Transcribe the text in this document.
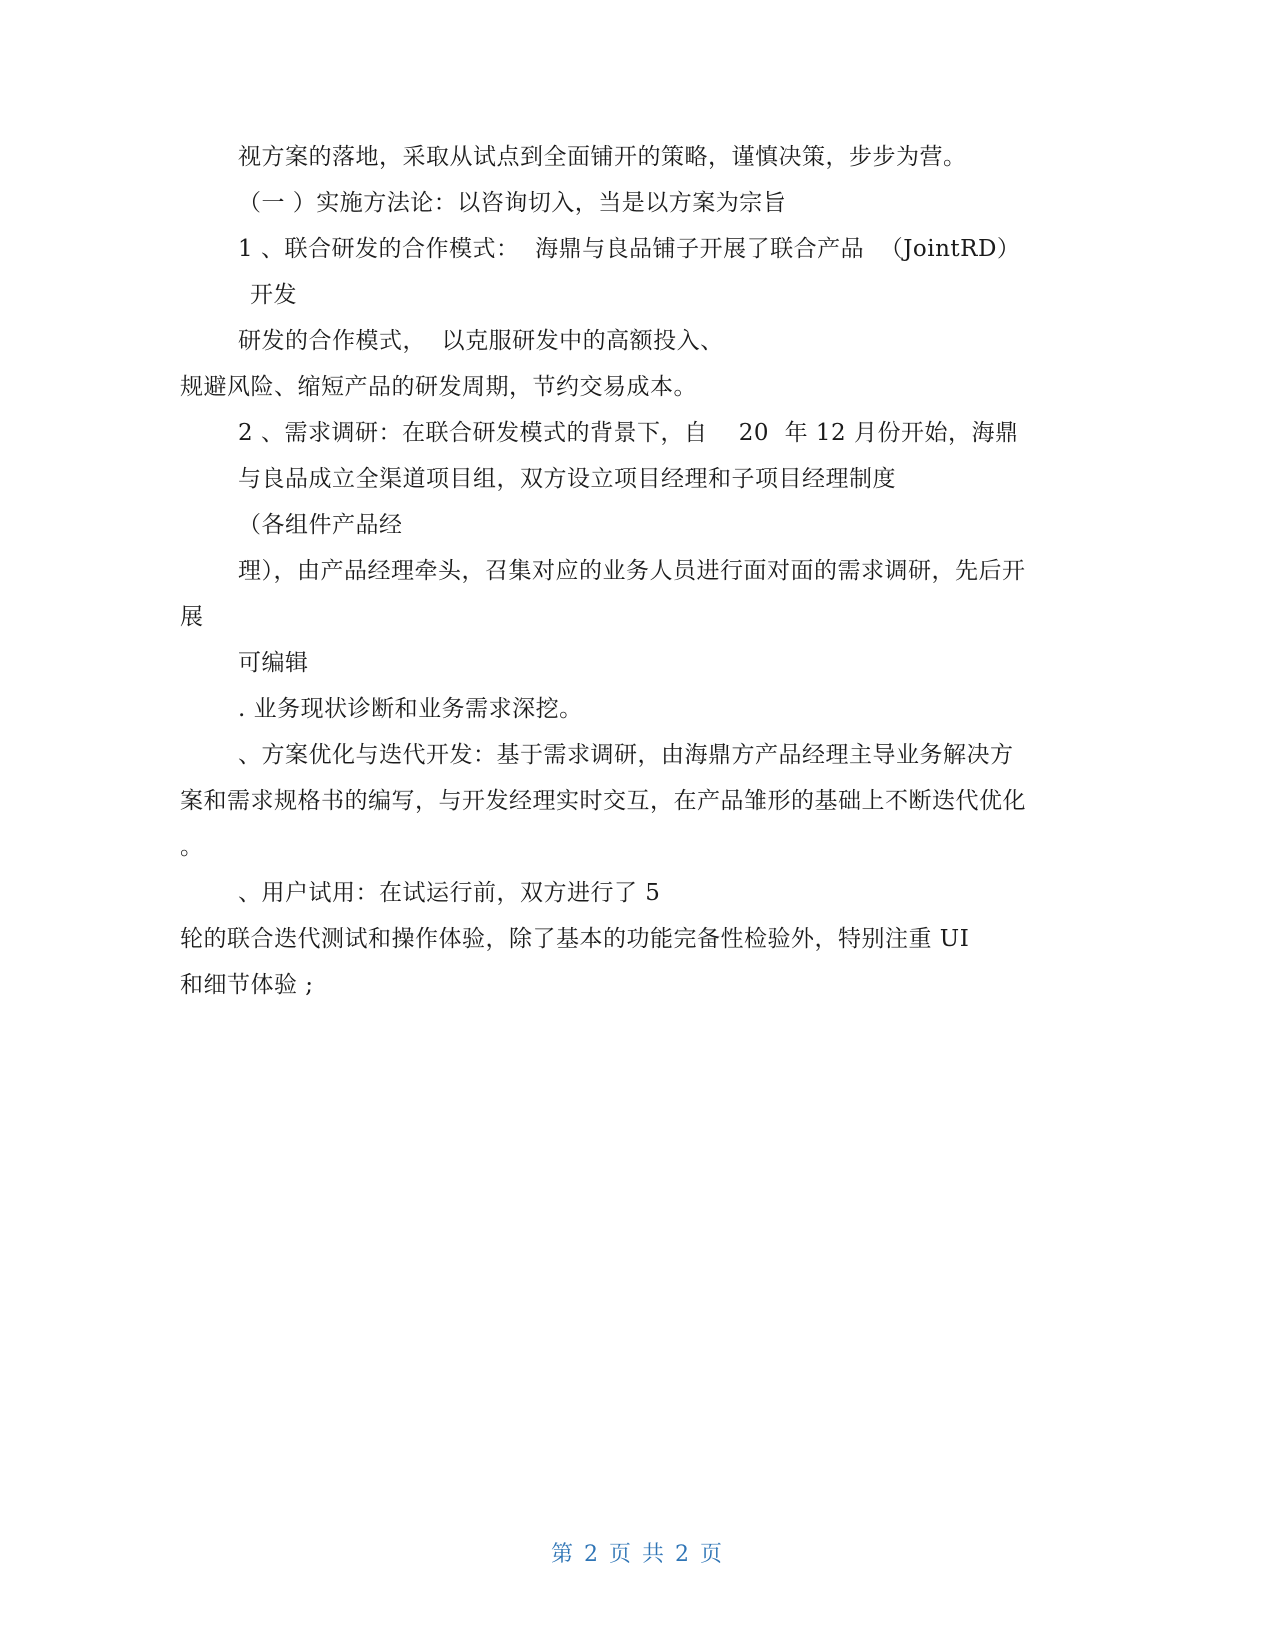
视方案的落地，采取从试点到全面铺开的策略，谨慎决策，步步为营。
（一 ）实施方法论：以咨询切入，当是以方案为宗旨
1 、联合研发的合作模式：  海鼎与良品铺子开展了联合产品  （JointRD）
开发
研发的合作模式，  以克服研发中的高额投入、
规避风险、缩短产品的研发周期，节约交易成本。
2 、需求调研：在联合研发模式的背景下，自    20  年 12 月份开始，海鼎
与良品成立全渠道项目组，双方设立项目经理和子项目经理制度
（各组件产品经
理），由产品经理牵头，召集对应的业务人员进行面对面的需求调研，先后开
展
可编辑
. 业务现状诊断和业务需求深挖。
、方案优化与迭代开发：基于需求调研，由海鼎方产品经理主导业务解决方
案和需求规格书的编写，与开发经理实时交互，在产品雏形的基础上不断迭代优化
。
、用户试用：在试运行前，双方进行了 5
轮的联合迭代测试和操作体验，除了基本的功能完备性检验外，特别注重 UI
和细节体验 ;
第 2 页 共 2 页
